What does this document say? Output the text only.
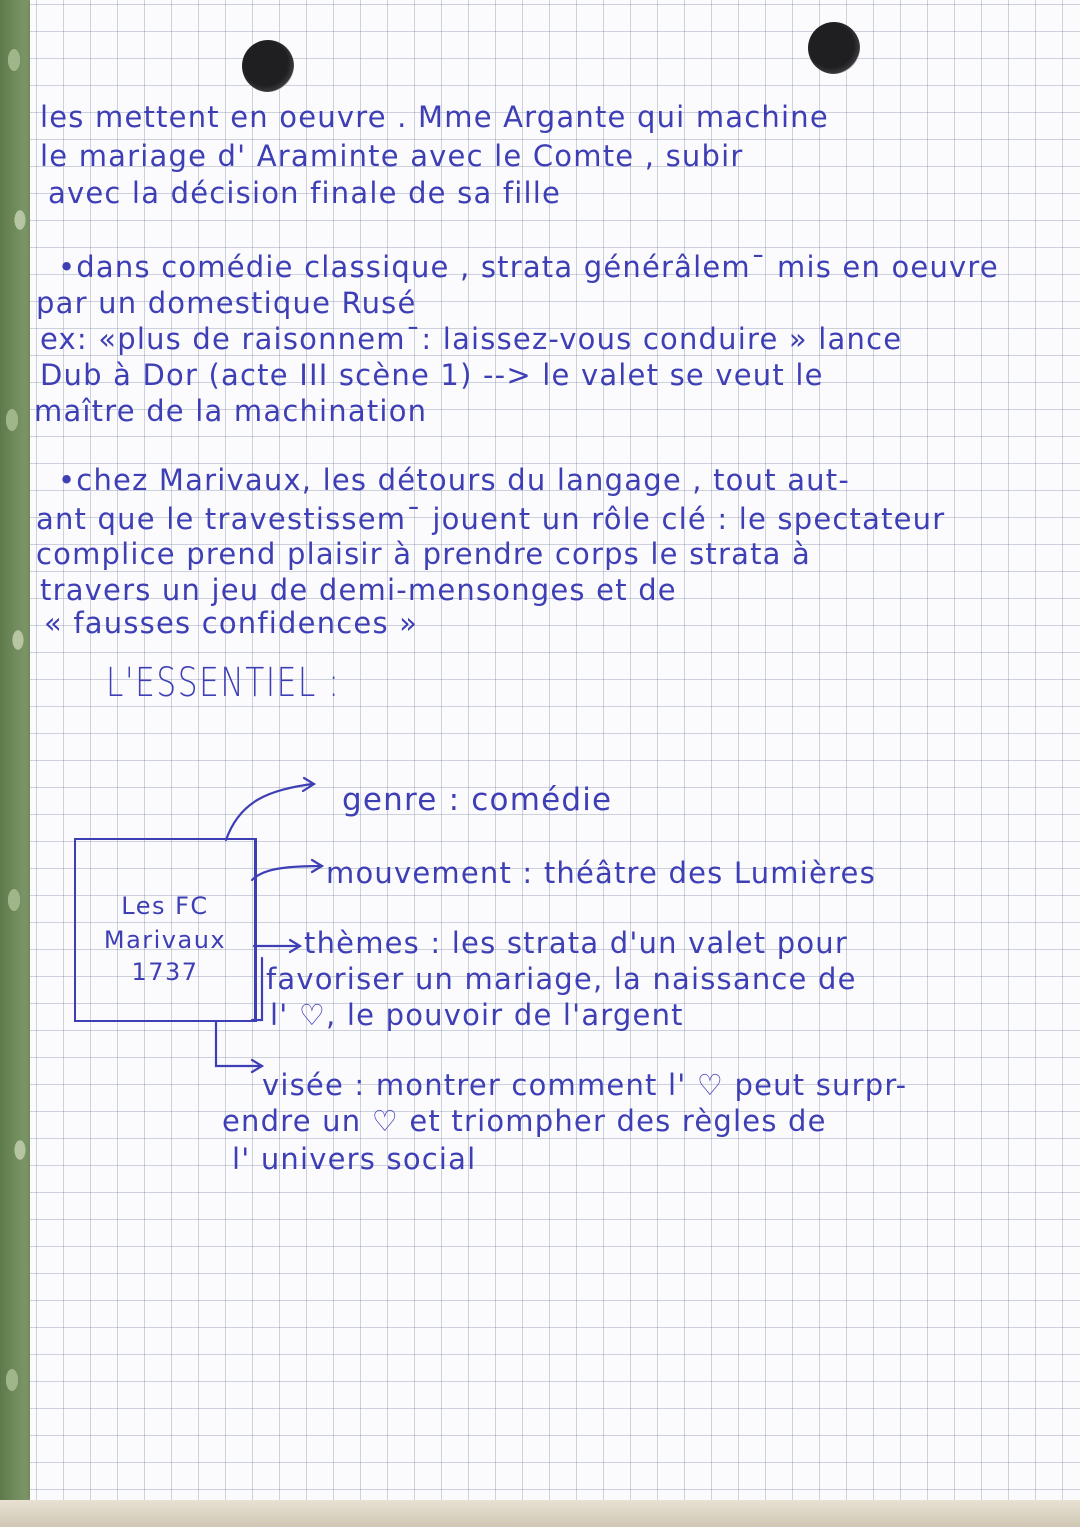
les mettent en oeuvre . Mme Argante qui machine

le mariage d' Araminte avec le Comte , subir

avec la décision finale de sa fille

•dans comédie classique , strata générâlem¯ mis en oeuvre

par un domestique Rusé

ex: «plus de raisonnem¯: laissez-vous conduire » lance

Dub à Dor (acte III scène 1) --> le valet se veut le

maître de la machination

•chez Marivaux, les détours du langage , tout aut-

ant que le travestissem¯ jouent un rôle clé : le spectateur

complice prend plaisir à prendre corps le strata à

travers un jeu de demi-mensonges et de

« fausses confidences »

L'ESSENTIEL :

Les FC

Marivaux

1737

genre : comédie

mouvement : théâtre des Lumières

thèmes : les strata d'un valet pour

favoriser un mariage, la naissance de

l' ♡, le pouvoir de l'argent

visée : montrer comment l' ♡ peut surpr-

endre un ♡ et triompher des règles de

l' univers social
